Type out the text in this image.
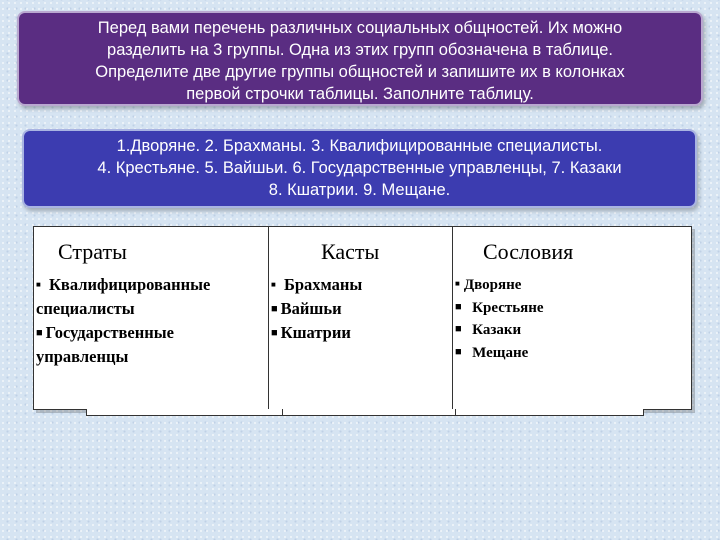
Перед вами перечень различных социальных общностей. Их можно
разделить на 3 группы. Одна из этих групп обозначена в таблице.
Определите две другие группы общностей и запишите их в колонках
первой строчки таблицы. Заполните таблицу.
1.Дворяне. 2. Брахманы. 3. Квалифицированные специалисты.
4. Крестьяне. 5. Вайшьи. 6. Государственные управленцы, 7. Казаки
8. Кшатрии. 9. Мещане.
Страты
■ Квалифицированные
специалисты
■ Государственные
управленцы
Касты
■ Брахманы
■ Вайшьи
■ Кшатрии
Сословия
■ Дворяне
■ Крестьяне
■ Казаки
■ Мещане
